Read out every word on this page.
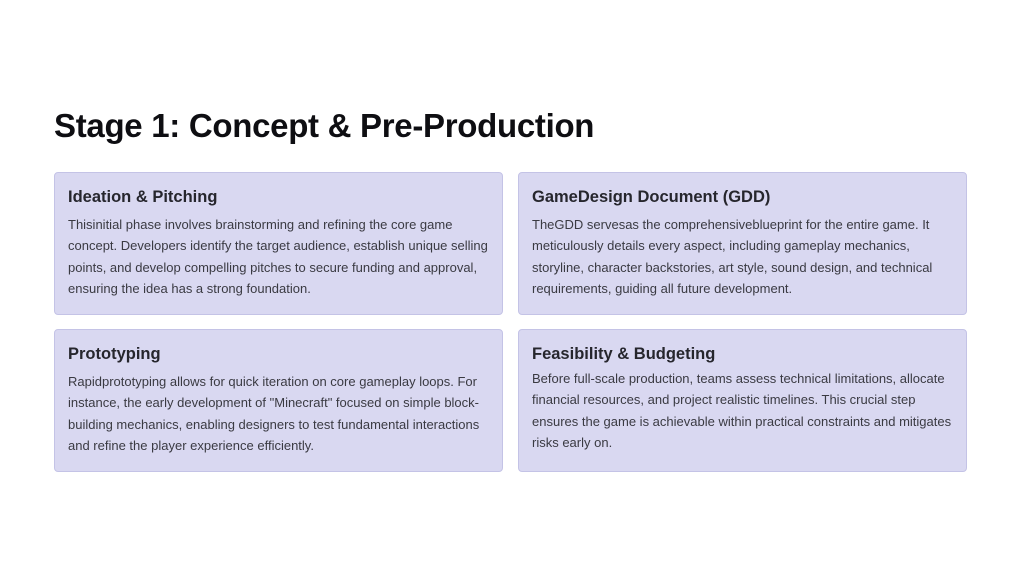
Stage 1: Concept & Pre-Production
Ideation & Pitching

Thisinitial phase involves brainstorming and refining the core game concept. Developers identify the target audience, establish unique selling points, and develop compelling pitches to secure funding and approval, ensuring the idea has a strong foundation.

GameDesign Document (GDD)

TheGDD servesas the comprehensiveblueprint for the entire game. It meticulously details every aspect, including gameplay mechanics, storyline, character backstories, art style, sound design, and technical requirements, guiding all future development.

Prototyping

Rapidprototyping allows for quick iteration on core gameplay loops. For instance, the early development of "Minecraft" focused on simple block-building mechanics, enabling designers to test fundamental interactions and refine the player experience efficiently.

Feasibility & Budgeting

Before full-scale production, teams assess technical limitations, allocate financial resources, and project realistic timelines. This crucial step ensures the game is achievable within practical constraints and mitigates risks early on.
